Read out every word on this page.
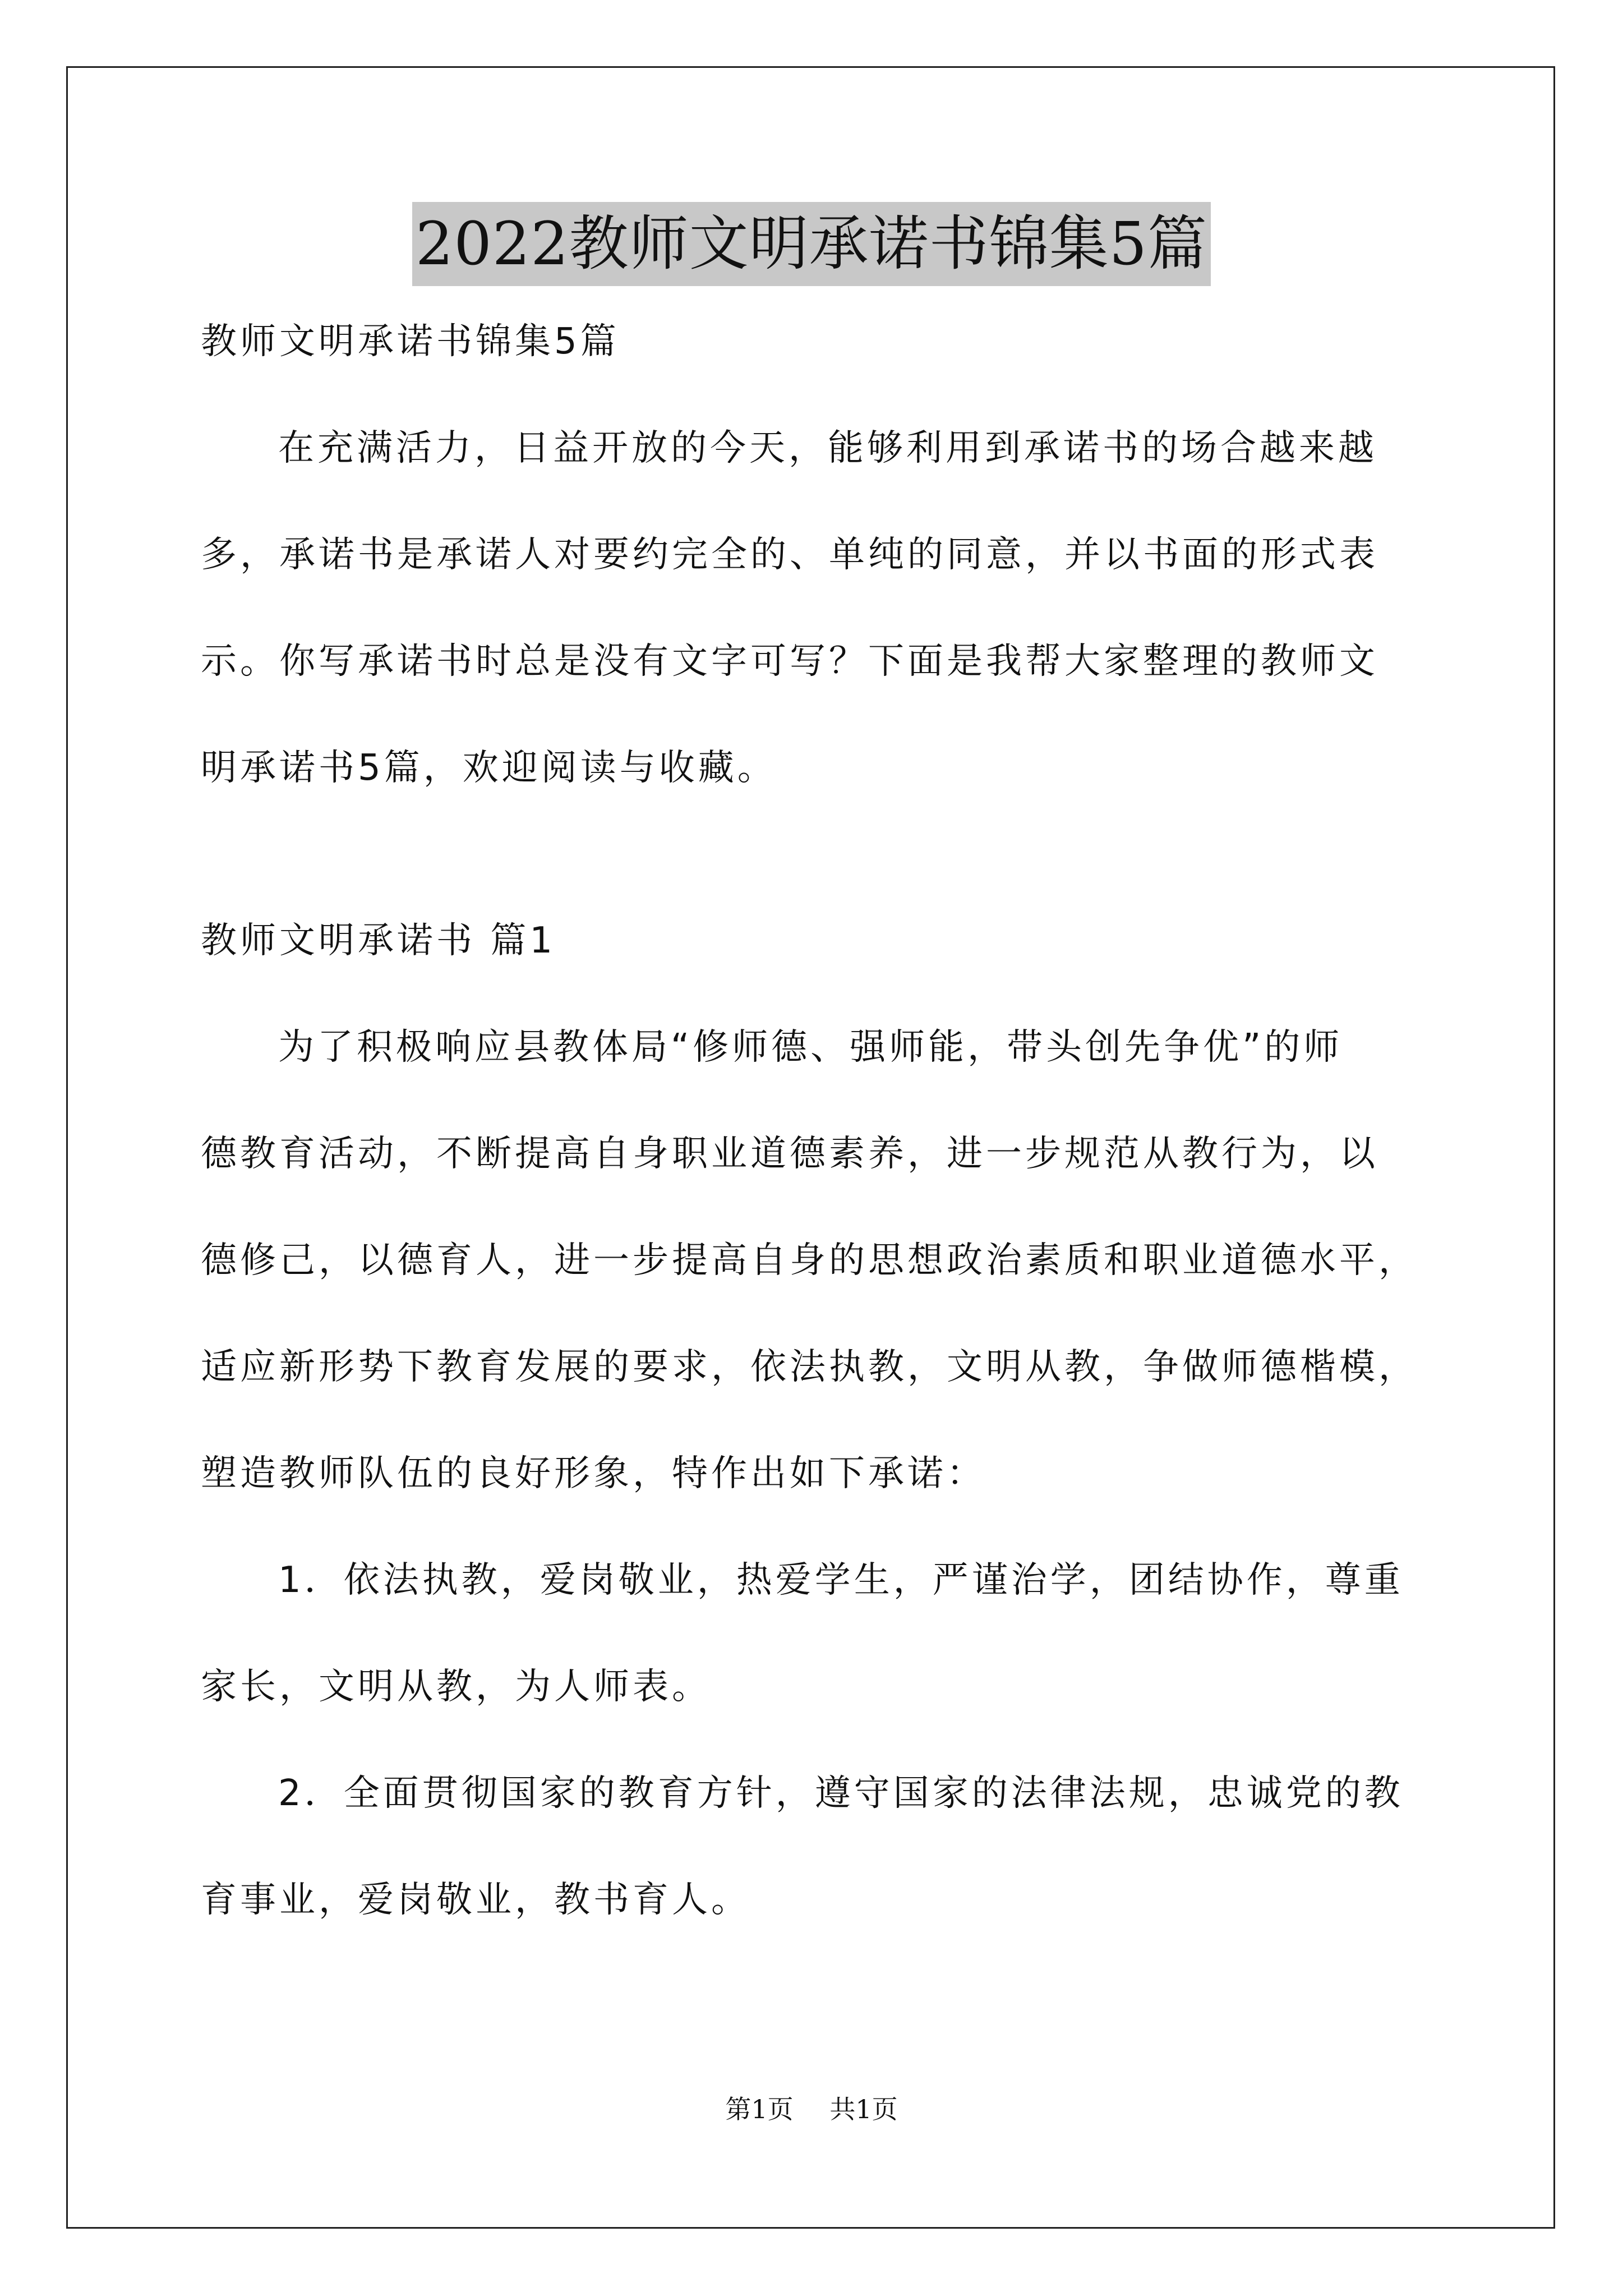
2022教师文明承诺书锦集5篇
教师文明承诺书锦集5篇
在充满活力，日益开放的今天，能够利用到承诺书的场合越来越
多，承诺书是承诺人对要约完全的、单纯的同意，并以书面的形式表
示。你写承诺书时总是没有文字可写？下面是我帮大家整理的教师文
明承诺书5篇，欢迎阅读与收藏。
教师文明承诺书 篇1
为了积极响应县教体局“修师德、强师能，带头创先争优”的师
德教育活动，不断提高自身职业道德素养，进一步规范从教行为，以
德修己，以德育人，进一步提高自身的思想政治素质和职业道德水平，
适应新形势下教育发展的要求，依法执教，文明从教，争做师德楷模，
塑造教师队伍的良好形象，特作出如下承诺：
1．依法执教，爱岗敬业，热爱学生，严谨治学，团结协作，尊重
家长，文明从教，为人师表。
2．全面贯彻国家的教育方针，遵守国家的法律法规，忠诚党的教
育事业，爱岗敬业，教书育人。
第1页 共1页
